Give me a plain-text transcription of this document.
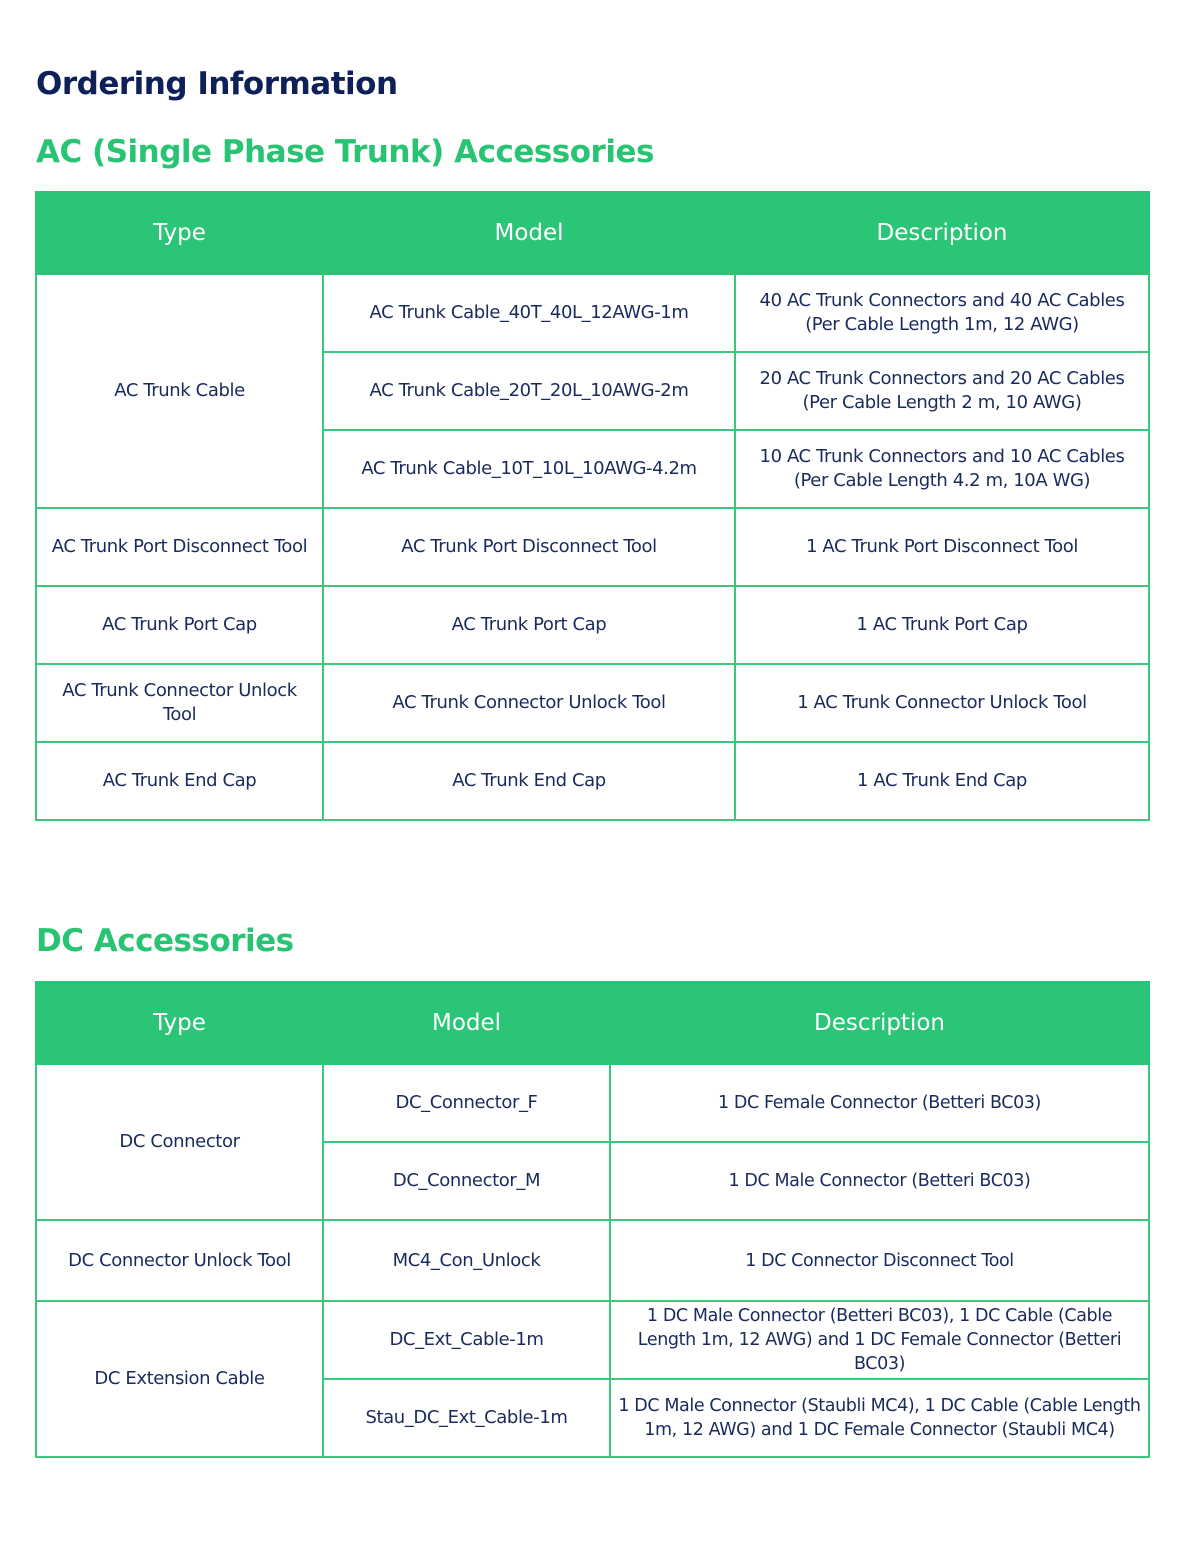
Ordering Information
AC (Single Phase Trunk) Accessories
Type	Model	Description
AC Trunk Cable	AC Trunk Cable_40T_40L_12AWG-1m	40 AC Trunk Connectors and 40 AC Cables (Per Cable Length 1m, 12 AWG)
	AC Trunk Cable_20T_20L_10AWG-2m	20 AC Trunk Connectors and 20 AC Cables (Per Cable Length 2 m, 10 AWG)
	AC Trunk Cable_10T_10L_10AWG-4.2m	10 AC Trunk Connectors and 10 AC Cables (Per Cable Length 4.2 m, 10A WG)
AC Trunk Port Disconnect Tool	AC Trunk Port Disconnect Tool	1 AC Trunk Port Disconnect Tool
AC Trunk Port Cap	AC Trunk Port Cap	1 AC Trunk Port Cap
AC Trunk Connector Unlock Tool	AC Trunk Connector Unlock Tool	1 AC Trunk Connector Unlock Tool
AC Trunk End Cap	AC Trunk End Cap	1 AC Trunk End Cap
DC Accessories
Type	Model	Description
DC Connector	DC_Connector_F	1 DC Female Connector (Betteri BC03)
	DC_Connector_M	1 DC Male Connector (Betteri BC03)
DC Connector Unlock Tool	MC4_Con_Unlock	1 DC Connector Disconnect Tool
DC Extension Cable	DC_Ext_Cable-1m	1 DC Male Connector (Betteri BC03), 1 DC Cable (Cable Length 1m, 12 AWG) and 1 DC Female Connector (Betteri BC03)
	Stau_DC_Ext_Cable-1m	1 DC Male Connector (Staubli MC4), 1 DC Cable (Cable Length 1m, 12 AWG) and 1 DC Female Connector (Staubli MC4)
